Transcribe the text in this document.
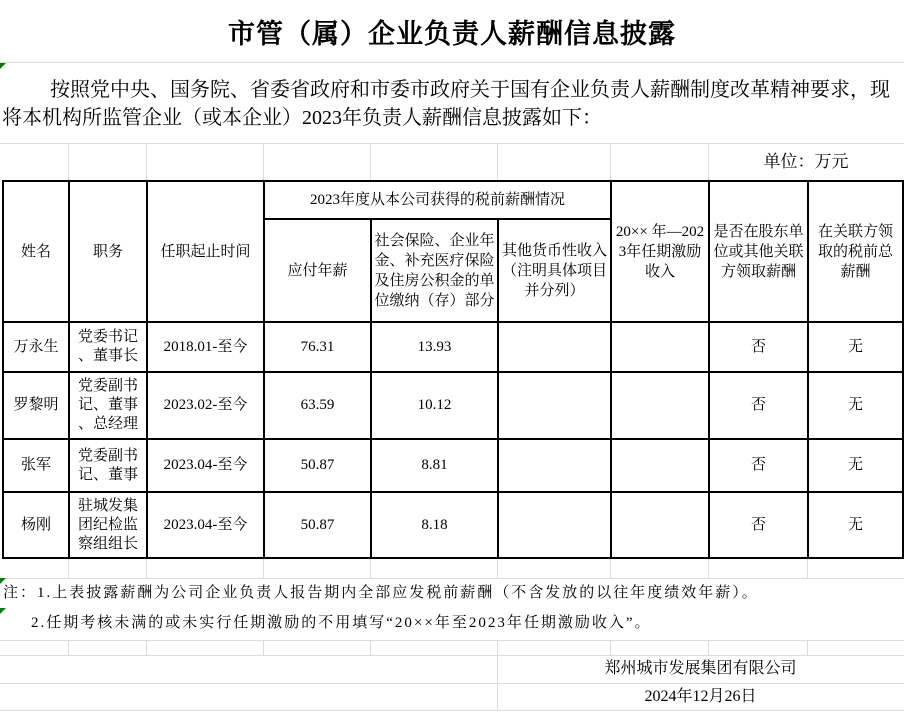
市管（属）企业负责人薪酬信息披露
按照党中央、国务院、省委省政府和市委市政府关于国有企业负责人薪酬制度改革精神要求，现将本机构所监管企业（或本企业）2023年负责人薪酬信息披露如下：
单位：万元
姓名	职务	任职起止时间	2023年度从本公司获得的税前薪酬情况			20×× 年—2023年任期激励收入	是否在股东单位或其他关联方领取薪酬	在关联方领取的税前总薪酬
			应付年薪	社会保险、企业年金、补充医疗保险及住房公积金的单位缴纳（存）部分	其他货币性收入（注明具体项目并分列）			
万永生	党委书记、董事长	2018.01-至今	76.31	13.93			否	无
罗黎明	党委副书记、董事、总经理	2023.02-至今	63.59	10.12			否	无
张军	党委副书记、董事	2023.04-至今	50.87	8.81			否	无
杨刚	驻城发集团纪检监察组组长	2023.04-至今	50.87	8.18			否	无
注：1.上表披露薪酬为公司企业负责人报告期内全部应发税前薪酬（不含发放的以往年度绩效年薪）。
2.任期考核未满的或未实行任期激励的不用填写“20××年至2023年任期激励收入”。
郑州城市发展集团有限公司
2024年12月26日
